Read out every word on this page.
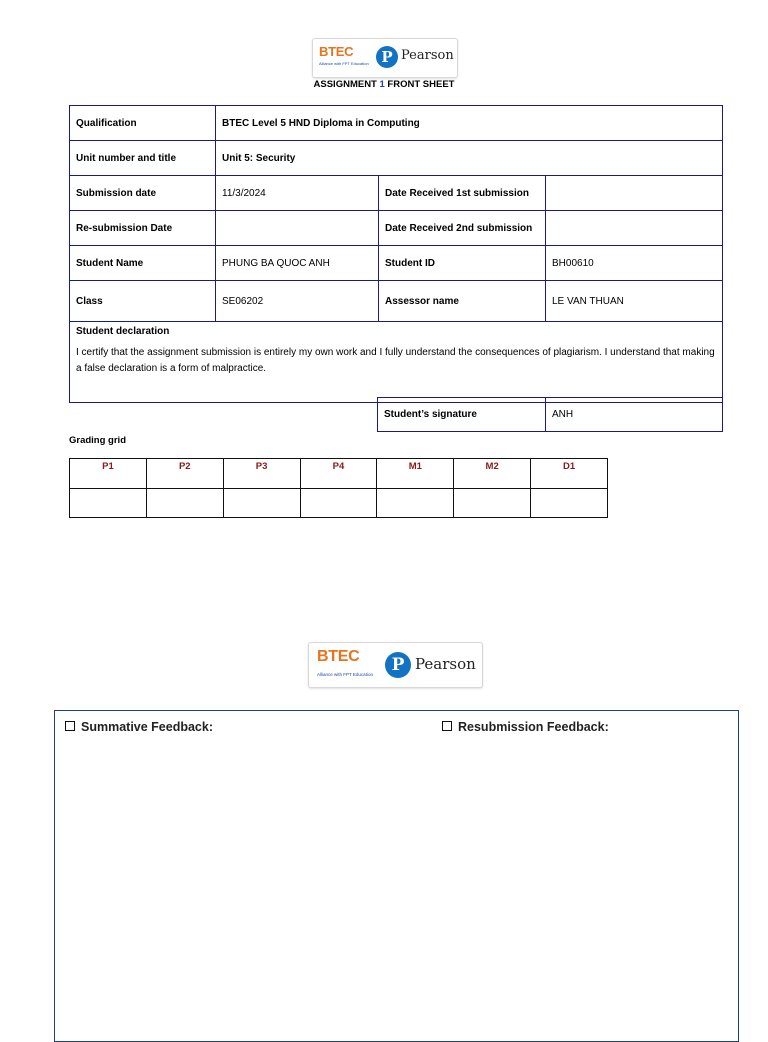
BTEC
Alliance with FPT Education P Pearson
ASSIGNMENT 1 FRONT SHEET
Qualification	BTEC Level 5 HND Diploma in Computing		
Unit number and title	Unit 5: Security		
Submission date	11/3/2024	Date Received 1st submission	
Re-submission Date		Date Received 2nd submission	
Student Name	PHUNG BA QUOC ANH	Student ID	BH00610
Class	SE06202	Assessor name	LE VAN THUAN
Student declaration

I certify that the assignment submission is entirely my own work and I fully understand the consequences of plagiarism. I understand that making a false declaration is a form of malpractice.			

Student’s signature	ANH
Grading grid
P1	P2	P3	P4	M1	M2	D1

BTEC
Alliance with FPT Education	P Pearson
Summative Feedback:	Resubmission Feedback:
